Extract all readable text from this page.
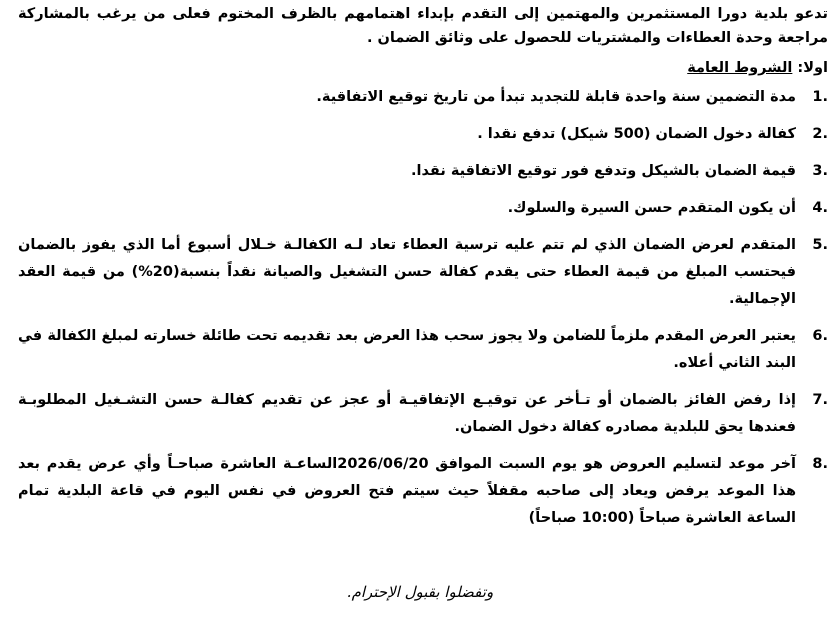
تدعو بلدية دورا المستثمرين والمهتمين إلى التقدم بإبداء اهتمامهم بالظرف المختوم فعلى من يرغب بالمشاركة مراجعة وحدة العطاءات والمشتريات للحصول على وثائق الضمان .

اولا: الشروط العامة
1.
مدة التضمين سنة واحدة قابلة للتجديد تبدأ من تاريخ توقيع الاتفاقية.
2.
كفالة دخول الضمان (500 شيكل) تدفع نقدا .
3.
قيمة الضمان بالشيكل وتدفع فور توقيع الاتفاقية نقدا.
4.
أن يكون المتقدم حسن السيرة والسلوك.
5.
المتقدم لعرض الضمان الذي لم تتم عليه ترسية العطاء تعاد لـه الكفالـة خـلال أسبوع أما الذي يفوز بالضمان فيحتسب المبلغ من قيمة العطاء حتى يقدم كفالة حسن التشغيل والصيانة نقداً بنسبة(20%) من قيمة العقد الإجمالية.
6.
يعتبر العرض المقدم ملزماً للضامن ولا يجوز سحب هذا العرض بعد تقديمه تحت طائلة خسارته لمبلغ الكفالة في البند الثاني أعلاه.
7.
إذا رفض الفائز بالضمان أو تـأخر عن توقيـع الإتفاقيـة أو عجز عن تقديم كفالـة حسن التشـغيل المطلوبـة فعندها يحق للبلدية مصادره كفالة دخول الضمان.
8.
آخر موعد لتسليم العروض هو يوم السبت الموافق 2026/06/20الساعـة العاشرة صباحـاً وأي عرض يقدم بعد هذا الموعد يرفض ويعاد إلى صاحبه مقفلاً حيث سيتم فتح العروض في نفس اليوم في قاعة البلدية تمام الساعة العاشرة صباحاً (10:00 صباحاً)
وتفضلوا بقبول الإحترام.
